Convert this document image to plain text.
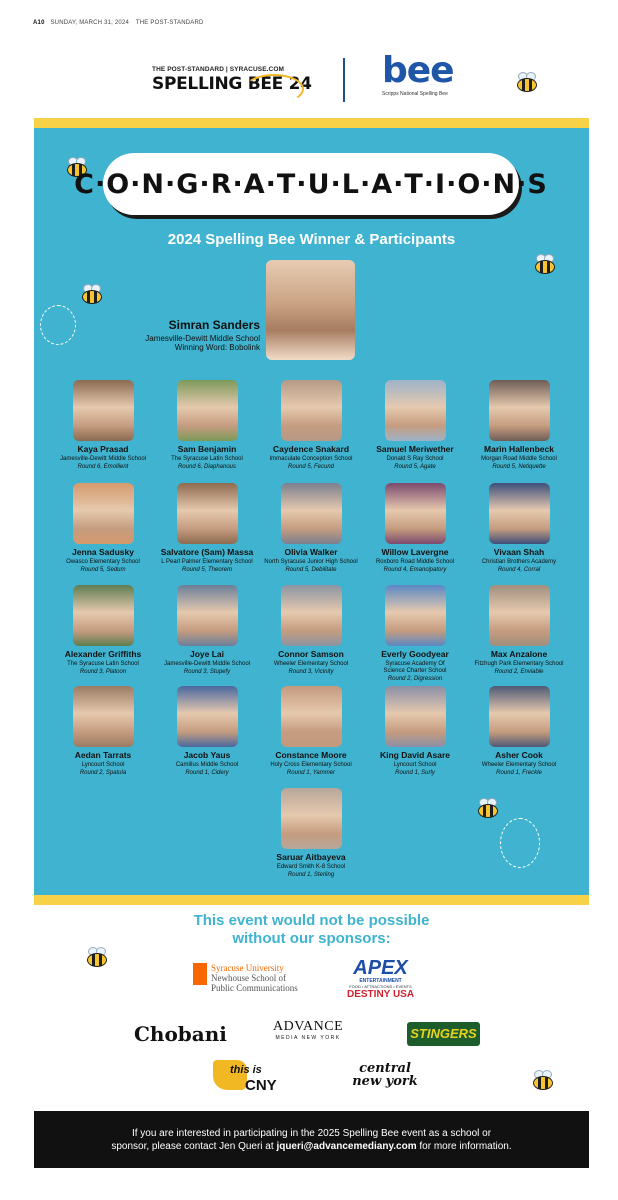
A10 SUNDAY, MARCH 31, 2024 THE POST-STANDARD
THE POST-STANDARD | SYRACUSE.COM
SPELLING BEE 24 bee
Scripps National Spelling Bee
C·O·N·G·R·A·T·U·L·A·T·I·O·N·S
2024 Spelling Bee Winner & Participants
Simran Sanders
Jamesville-Dewitt Middle School
Winning Word: Bobolink
Kaya Prasad
Jamesville-Dewitt Middle School
Round 6, Emollient
Sam Benjamin
The Syracuse Latin School
Round 6, Diaphanous
Caydence Snakard
Immaculate Conception School
Round 5, Fecund
Samuel Meriwether
Donald S Ray School
Round 5, Agate
Marin Hallenbeck
Morgan Road Middle School
Round 5, Netiquette
Jenna Sadusky
Owasco Elementary School
Round 5, Sedum
Salvatore (Sam) Massa
L Pearl Palmer Elementary School
Round 5, Theorem
Olivia Walker
North Syracuse Junior High School
Round 5, Debilitate
Willow Lavergne
Roxboro Road Middle School
Round 4, Emancipatory
Vivaan Shah
Christian Brothers Academy
Round 4, Corral
Alexander Griffiths
The Syracuse Latin School
Round 3, Platoon
Joye Lai
Jamesville-Dewitt Middle School
Round 3, Stupefy
Connor Samson
Wheeler Elementary School
Round 3, Vicinity
Everly Goodyear
Syracuse Academy Of Science Charter School
Round 2, Digression
Max Anzalone
Fitzhugh Park Elementary School
Round 2, Enviable
Aedan Tarrats
Lyncourt School
Round 2, Spatula
Jacob Yaus
Camillus Middle School
Round 1, Cidery
Constance Moore
Holy Cross Elementary School
Round 1, Yammer
King David Asare
Lyncourt School
Round 1, Surly
Asher Cook
Wheeler Elementary School
Round 1, Freckle
Saruar Aitbayeva
Edward Smith K-8 School
Round 1, Sterling
This event would not be possible
without our sponsors:
Syracuse University
Newhouse School of
Public Communications
APEX
ENTERTAINMENT
FOOD • ATTRACTIONS • EVENTS
DESTINY USA
Chobani	ADVANCE
MEDIA NEW YORK	STINGERS
this is
CNY
central
new york
If you are interested in participating in the 2025 Spelling Bee event as a school or
sponsor, please contact Jen Queri at jqueri@advancemediany.com for more information.
